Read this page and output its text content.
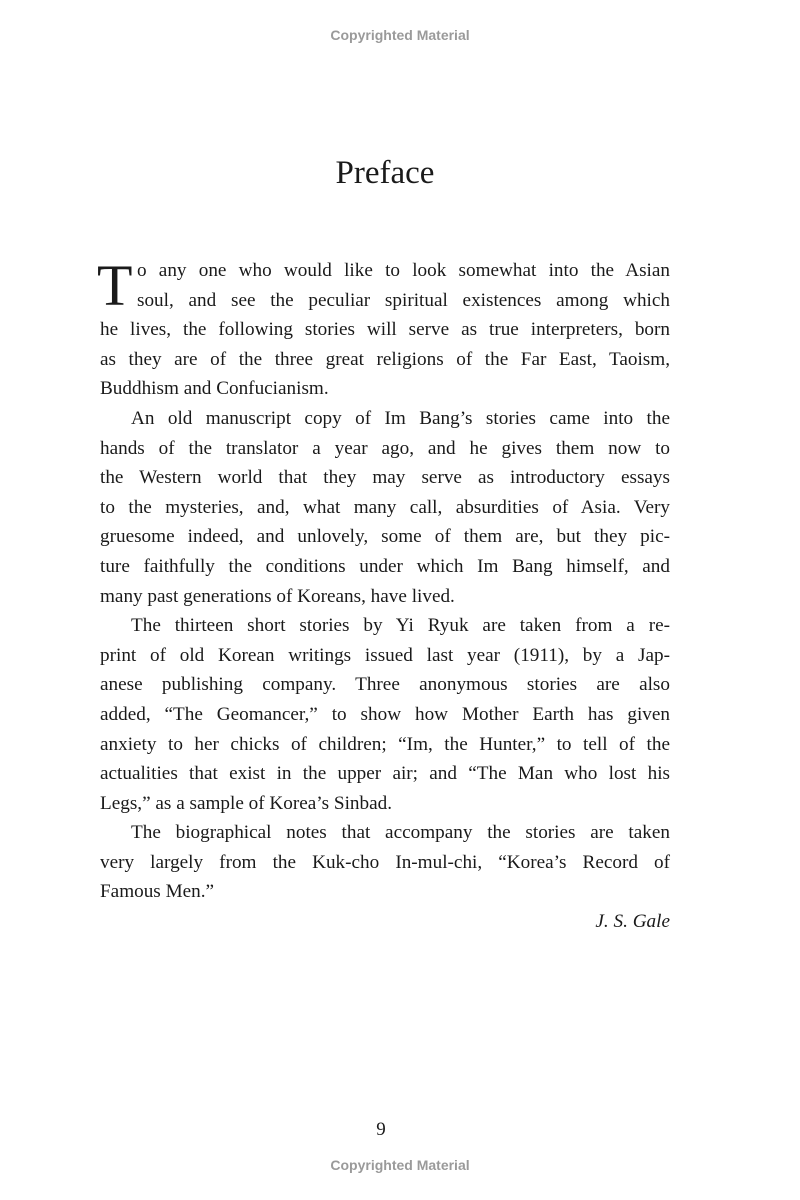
Copyrighted Material
Preface
T o any one who would like to look somewhat into the Asian
soul, and see the peculiar spiritual existences among which
he lives, the following stories will serve as true interpreters, born
as they are of the three great religions of the Far East, Taoism,
Buddhism and Confucianism.
An old manuscript copy of Im Bang’s stories came into the
hands of the translator a year ago, and he gives them now to
the Western world that they may serve as introductory essays
to the mysteries, and, what many call, absurdities of Asia. Very
gruesome indeed, and unlovely, some of them are, but they pic-
ture faithfully the conditions under which Im Bang himself, and
many past generations of Koreans, have lived.
The thirteen short stories by Yi Ryuk are taken from a re-
print of old Korean writings issued last year (1911), by a Jap-
anese publishing company. Three anonymous stories are also
added, “The Geomancer,” to show how Mother Earth has given
anxiety to her chicks of children; “Im, the Hunter,” to tell of the
actualities that exist in the upper air; and “The Man who lost his
Legs,” as a sample of Korea’s Sinbad.
The biographical notes that accompany the stories are taken
very largely from the Kuk-cho In-mul-chi, “Korea’s Record of
Famous Men.”
J. S. Gale
9
Copyrighted Material
